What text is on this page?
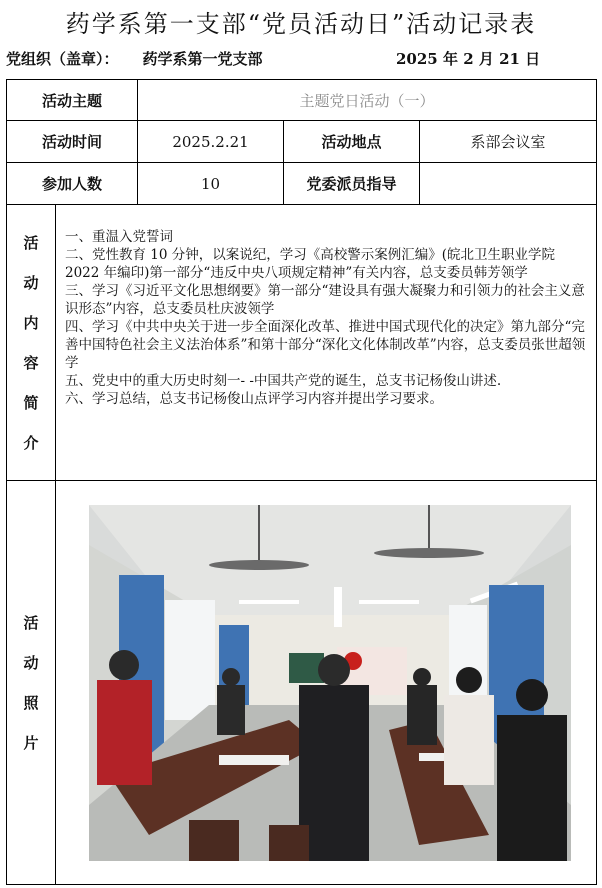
药学系第一支部“党员活动日”活动记录表
党组织（盖章）： 药学系第一党支部	2025 年 2 月 21 日
活动主题	主题党日活动（一）
活动时间	2025.2.21	活动地点	系部会议室
参加人数	10	党委派员指导
活
动
内
容
简
介

一、重温入党誓词

二、党性教育 10 分钟，以案说纪，学习《高校警示案例汇编》(皖北卫生职业学院 2022 年编印)第一部分“违反中央八项规定精神”有关内容，总支委员韩芳领学

三、学习《习近平文化思想纲要》第一部分“建设具有强大凝聚力和引领力的社会主义意识形态”内容，总支委员杜庆波领学

四、学习《中共中央关于进一步全面深化改革、推进中国式现代化的决定》第九部分“完善中国特色社会主义法治体系”和第十部分“深化文化体制改革”内容，总支委员张世超领学

五、党史中的重大历史时刻一- -中国共产党的诞生，总支书记杨俊山讲述.

六、学习总结，总支书记杨俊山点评学习内容并提出学习要求。

活
动
照
片
